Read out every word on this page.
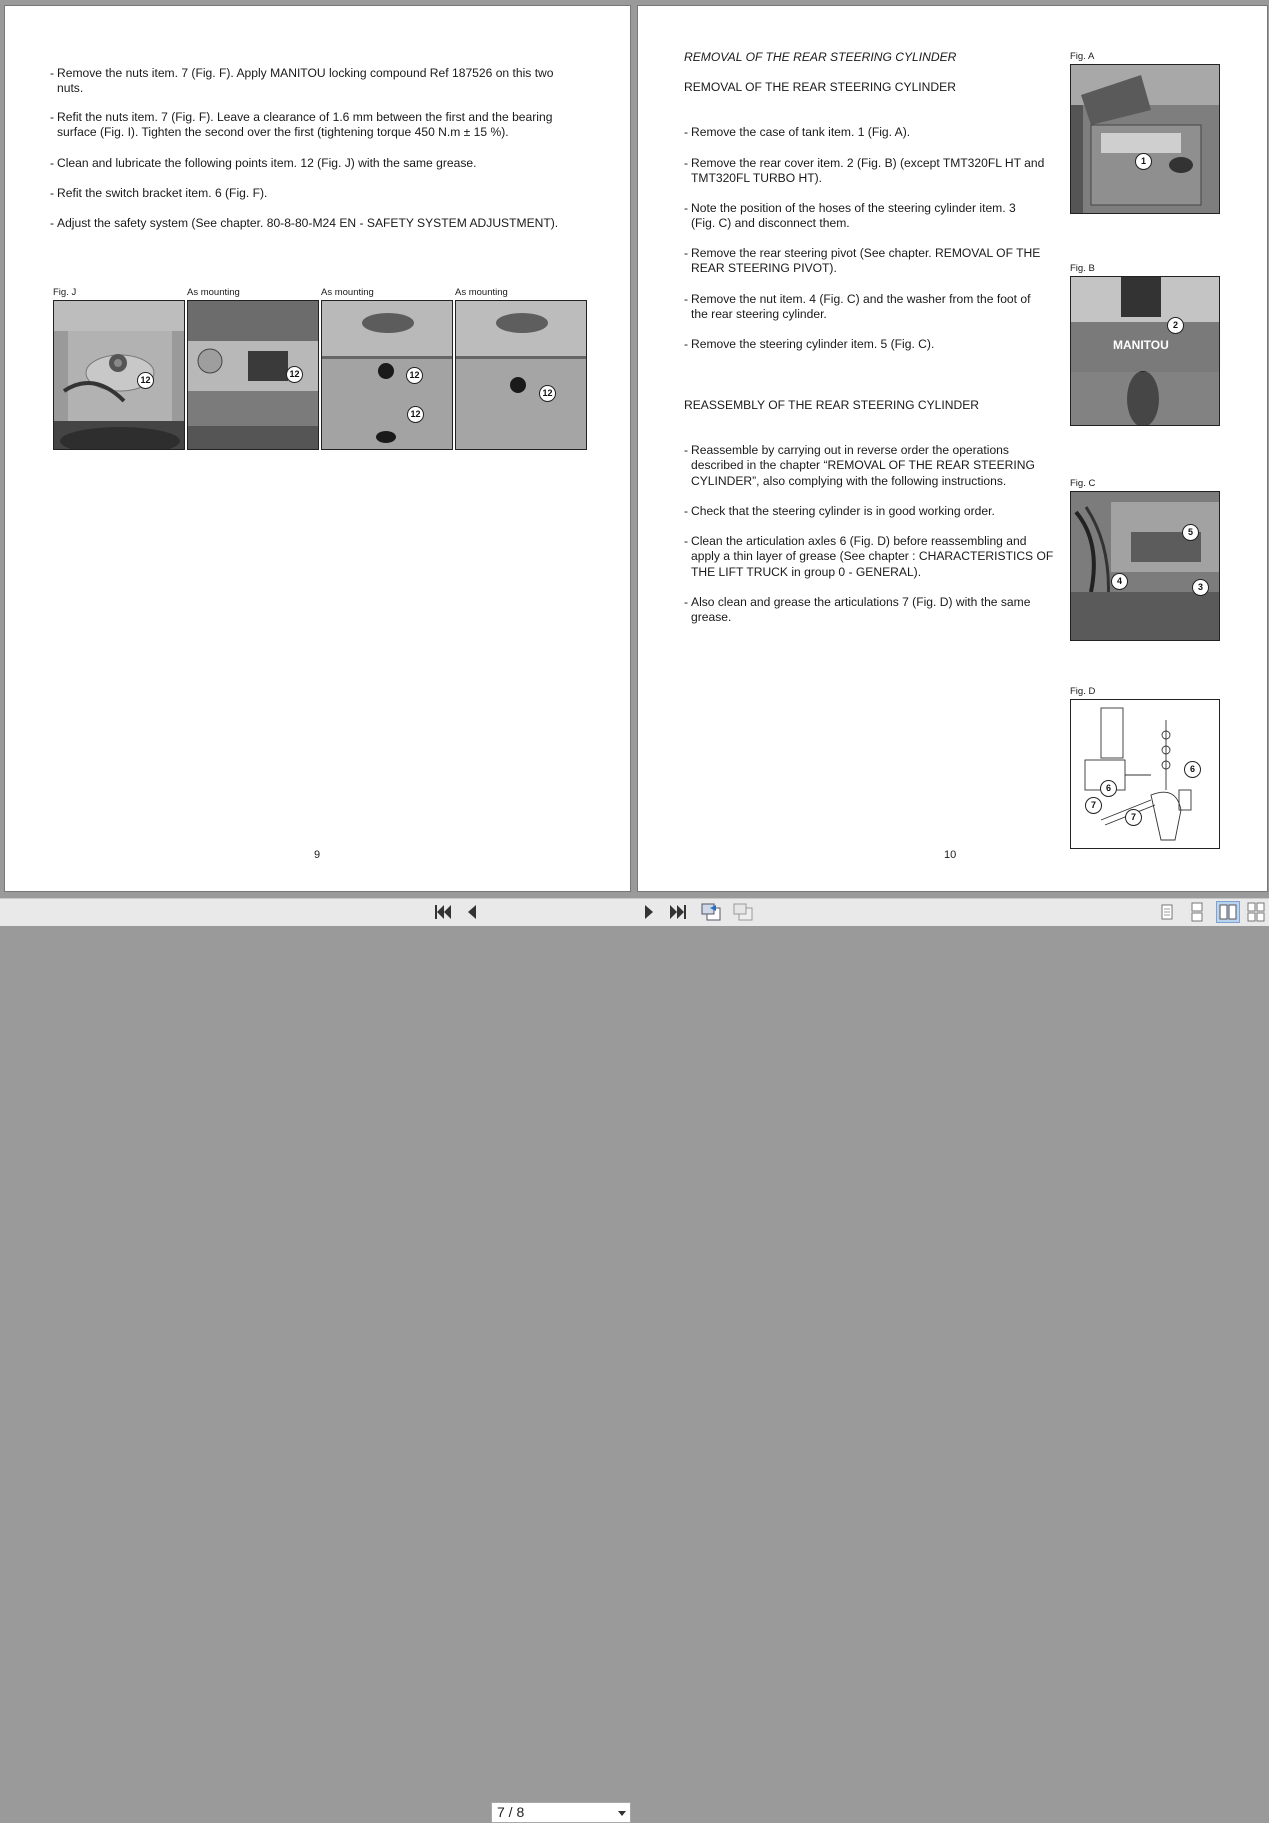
- Remove the nuts item. 7 (Fig. F). Apply MANITOU locking compound Ref 187526 on this two
nuts.
- Refit the nuts item. 7 (Fig. F). Leave a clearance of 1.6 mm between the first and the bearing
surface (Fig. I). Tighten the second over the first (tightening torque 450 N.m ± 15 %).
- Clean and lubricate the following points item. 12 (Fig. J) with the same grease.
- Refit the switch bracket item. 6 (Fig. F).
- Adjust the safety system (See chapter. 80-8-80-M24 EN - SAFETY SYSTEM ADJUSTMENT).
Fig. J	As mounting	As mounting	As mounting
12
12	12
12
12
9
REMOVAL OF THE REAR STEERING CYLINDER
REMOVAL OF THE REAR STEERING CYLINDER
- Remove the case of tank item. 1 (Fig. A).
- Remove the rear cover item. 2 (Fig. B) (except TMT320FL HT and
TMT320FL TURBO HT).
- Note the position of the hoses of the steering cylinder item. 3
(Fig. C) and disconnect them.
- Remove the rear steering pivot (See chapter. REMOVAL OF THE
REAR STEERING PIVOT).
- Remove the nut item. 4 (Fig. C) and the washer from the foot of
the rear steering cylinder.
- Remove the steering cylinder item. 5 (Fig. C).
REASSEMBLY OF THE REAR STEERING CYLINDER
- Reassemble by carrying out in reverse order the operations
described in the chapter “REMOVAL OF THE REAR STEERING
CYLINDER”, also complying with the following instructions.
- Check that the steering cylinder is in good working order.
- Clean the articulation axles 6 (Fig. D) before reassembling and
apply a thin layer of grease (See chapter : CHARACTERISTICS OF
THE LIFT TRUCK in group 0 - GENERAL).
- Also clean and grease the articulations 7 (Fig. D) with the same
grease.
Fig. A
1
Fig. B
MANITOU
2
Fig. C
5
4
3
Fig. D
6
6
7
7
10
7 / 8
